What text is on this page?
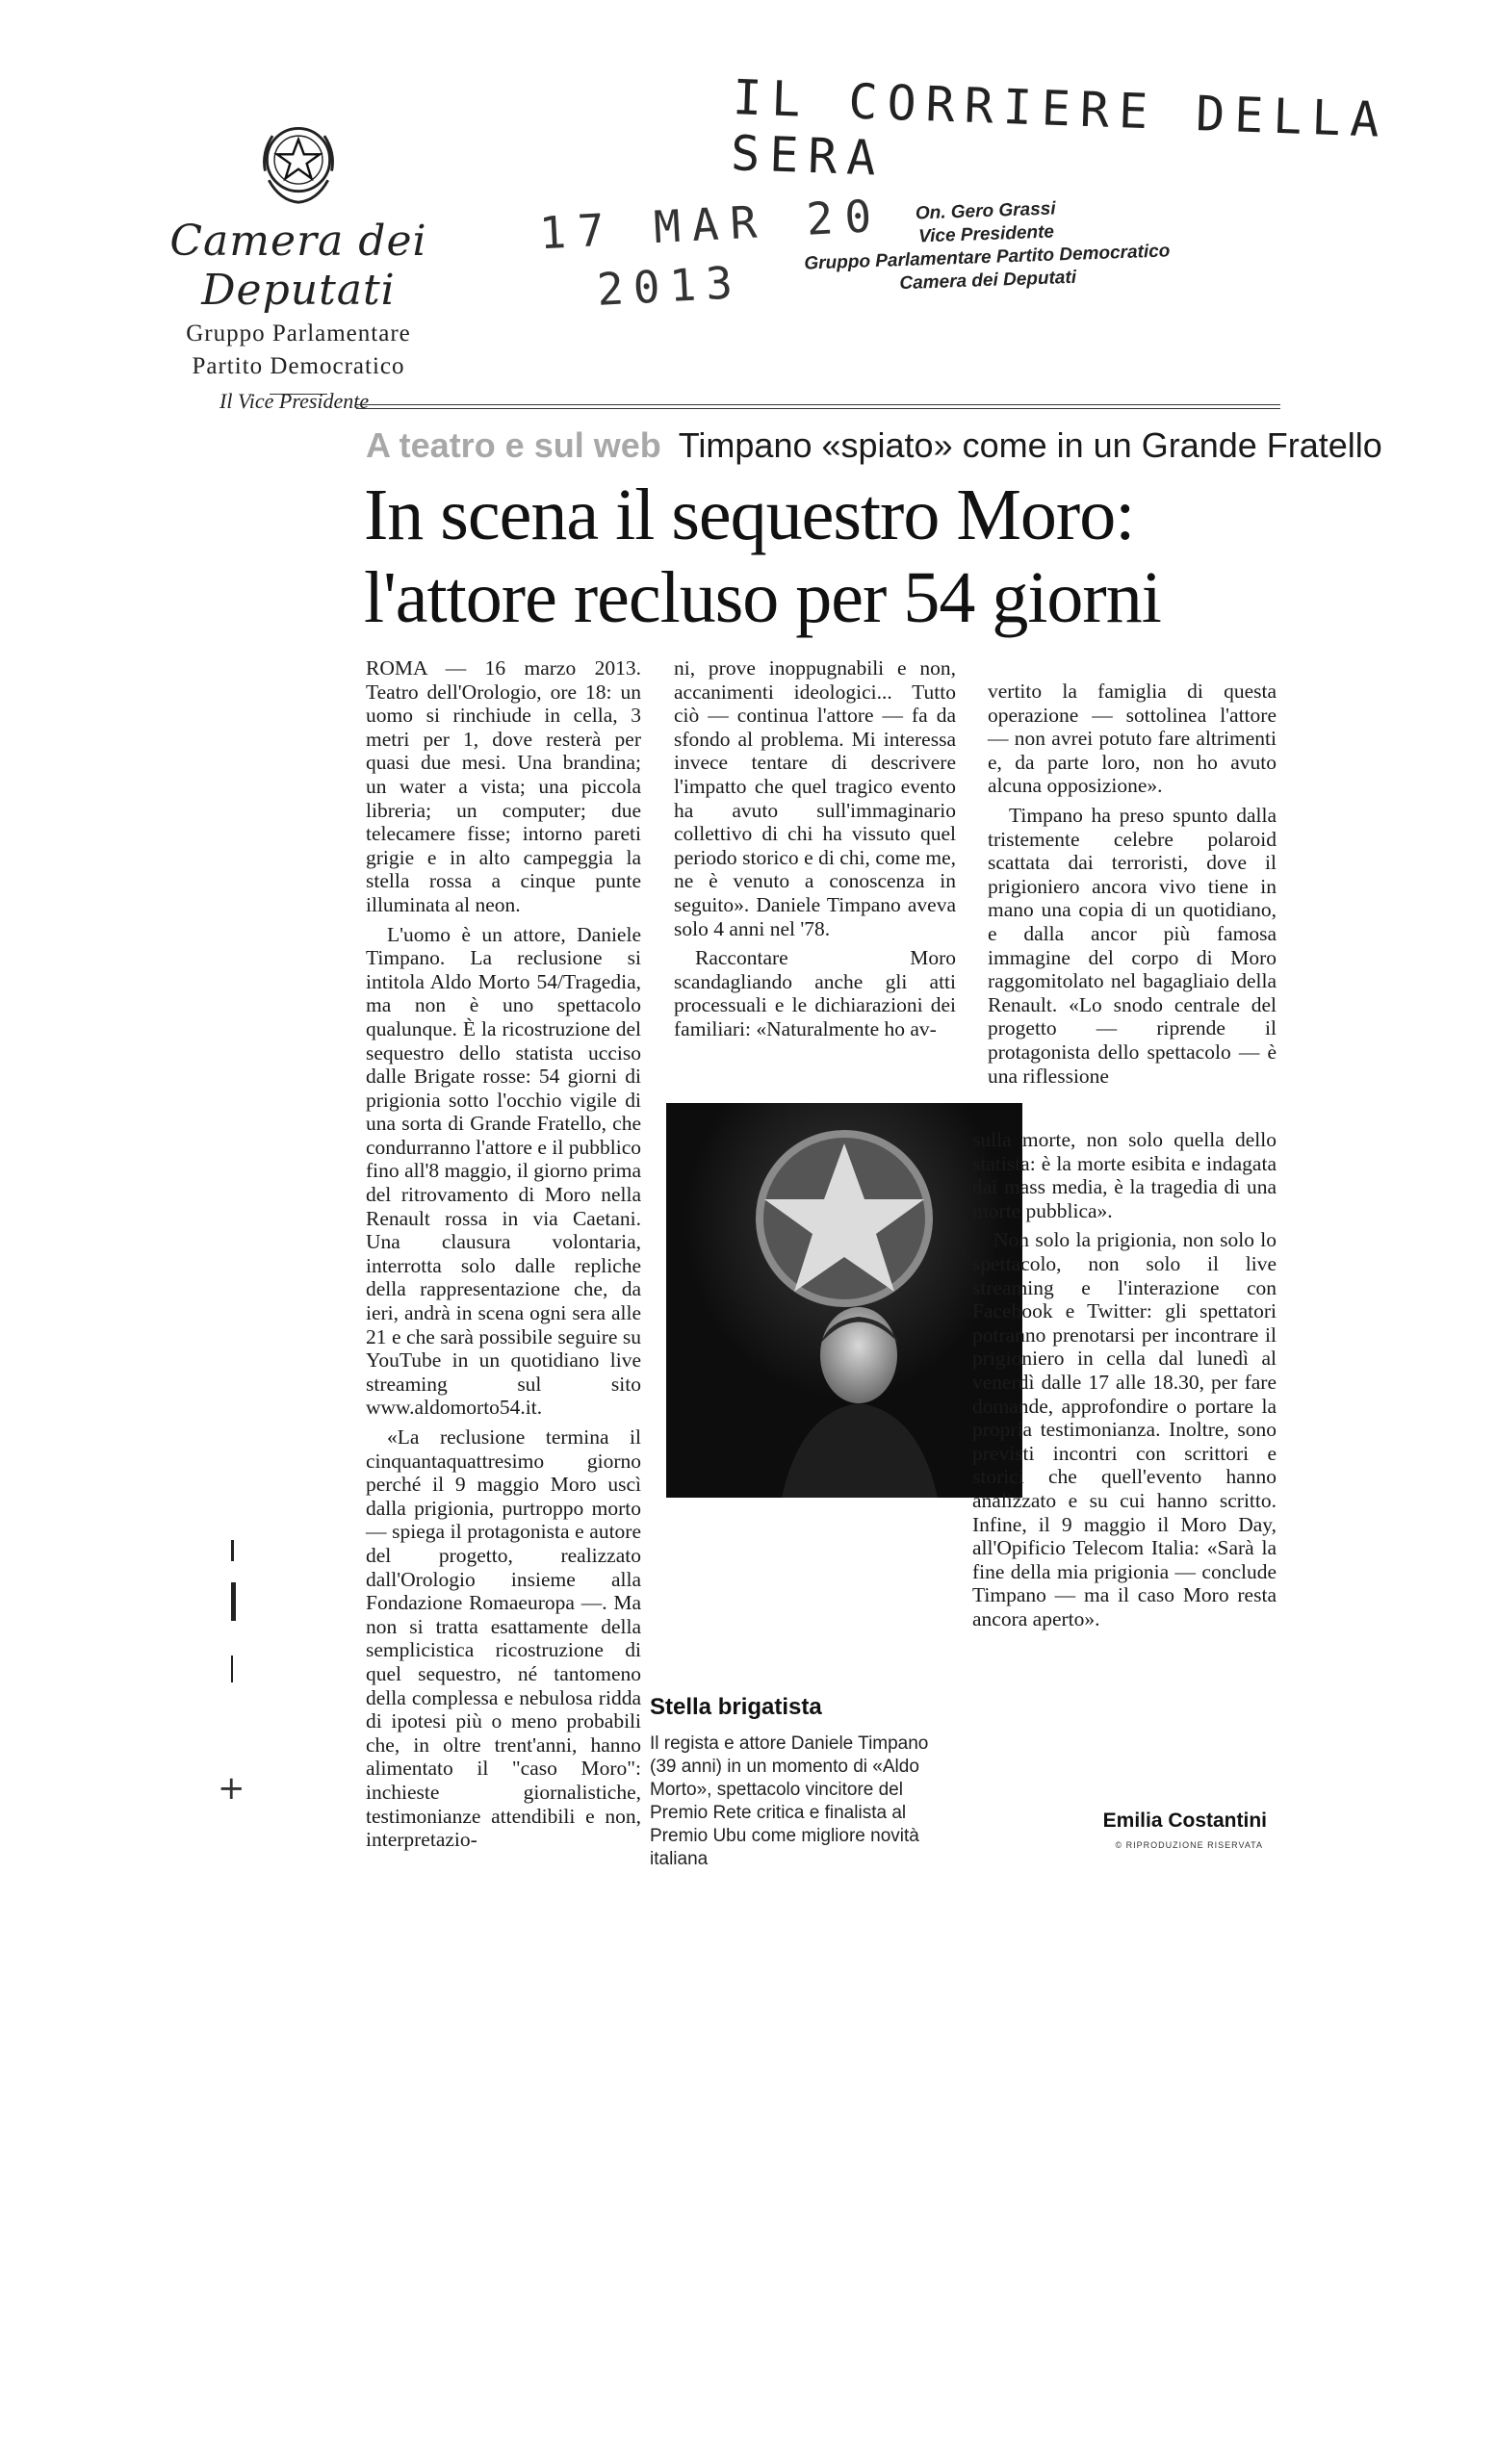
Camera dei Deputati
Gruppo Parlamentare
Partito Democratico
Il Vice Presidente
IL CORRIERE DELLA SERA
17 MAR 20
2013
On. Gero Grassi
Vice Presidente
Gruppo Parlamentare Partito Democratico
Camera dei Deputati
A teatro e sul web Timpano «spiato» come in un Grande Fratello
In scena il sequestro Moro:
l'attore recluso per 54 giorni

ROMA — 16 marzo 2013. Teatro dell'Orologio, ore 18: un uomo si rinchiude in cella, 3 metri per 1, dove resterà per quasi due mesi. Una brandina; un water a vista; una piccola libreria; un computer; due telecamere fisse; intorno pareti grigie e in alto campeggia la stella rossa a cinque punte illuminata al neon.

L'uomo è un attore, Daniele Timpano. La reclusione si intitola Aldo Morto 54/Tragedia, ma non è uno spettacolo qualunque. È la ricostruzione del sequestro dello statista ucciso dalle Brigate rosse: 54 giorni di prigionia sotto l'occhio vigile di una sorta di Grande Fratello, che condurranno l'attore e il pubblico fino all'8 maggio, il giorno prima del ritrovamento di Moro nella Renault rossa in via Caetani. Una clausura volontaria, interrotta solo dalle repliche della rappresentazione che, da ieri, andrà in scena ogni sera alle 21 e che sarà possibile seguire su YouTube in un quotidiano live streaming sul sito www.aldomorto54.it.

«La reclusione termina il cinquantaquattresimo giorno perché il 9 maggio Moro uscì dalla prigionia, purtroppo morto — spiega il protagonista e autore del progetto, realizzato dall'Orologio insieme alla Fondazione Romaeuropa —. Ma non si tratta esattamente della semplicistica ricostruzione di quel sequestro, né tantomeno della complessa e nebulosa ridda di ipotesi più o meno probabili che, in oltre trent'anni, hanno alimentato il "caso Moro": inchieste giornalistiche, testimonianze attendibili e non, interpretazio-

ni, prove inoppugnabili e non, accanimenti ideologici... Tutto ciò — continua l'attore — fa da sfondo al problema. Mi interessa invece tentare di descrivere l'impatto che quel tragico evento ha avuto sull'immaginario collettivo di chi ha vissuto quel periodo storico e di chi, come me, ne è venuto a conoscenza in seguito». Daniele Timpano aveva solo 4 anni nel '78.

Raccontare Moro scandagliando anche gli atti processuali e le dichiarazioni dei familiari: «Naturalmente ho av-

vertito la famiglia di questa operazione — sottolinea l'attore — non avrei potuto fare altrimenti e, da parte loro, non ho avuto alcuna opposizione».

Timpano ha preso spunto dalla tristemente celebre polaroid scattata dai terroristi, dove il prigioniero ancora vivo tiene in mano una copia di un quotidiano, e dalla ancor più famosa immagine del corpo di Moro raggomitolato nel bagagliaio della Renault. «Lo snodo centrale del progetto — riprende il protagonista dello spettacolo — è una riflessione

sulla morte, non solo quella dello statista: è la morte esibita e indagata dai mass media, è la tragedia di una morte pubblica».

Non solo la prigionia, non solo lo spettacolo, non solo il live streaming e l'interazione con Facebook e Twitter: gli spettatori potranno prenotarsi per incontrare il prigioniero in cella dal lunedì al venerdì dalle 17 alle 18.30, per fare domande, approfondire o portare la propria testimonianza. Inoltre, sono previsti incontri con scrittori e storici che quell'evento hanno analizzato e su cui hanno scritto. Infine, il 9 maggio il Moro Day, all'Opificio Telecom Italia: «Sarà la fine della mia prigionia — conclude Timpano — ma il caso Moro resta ancora aperto».

Stella brigatista
Il regista e attore Daniele Timpano (39 anni) in un momento di «Aldo Morto», spettacolo vincitore del Premio Rete critica e finalista al Premio Ubu come migliore novità italiana
Emilia Costantini
© RIPRODUZIONE RISERVATA
+
